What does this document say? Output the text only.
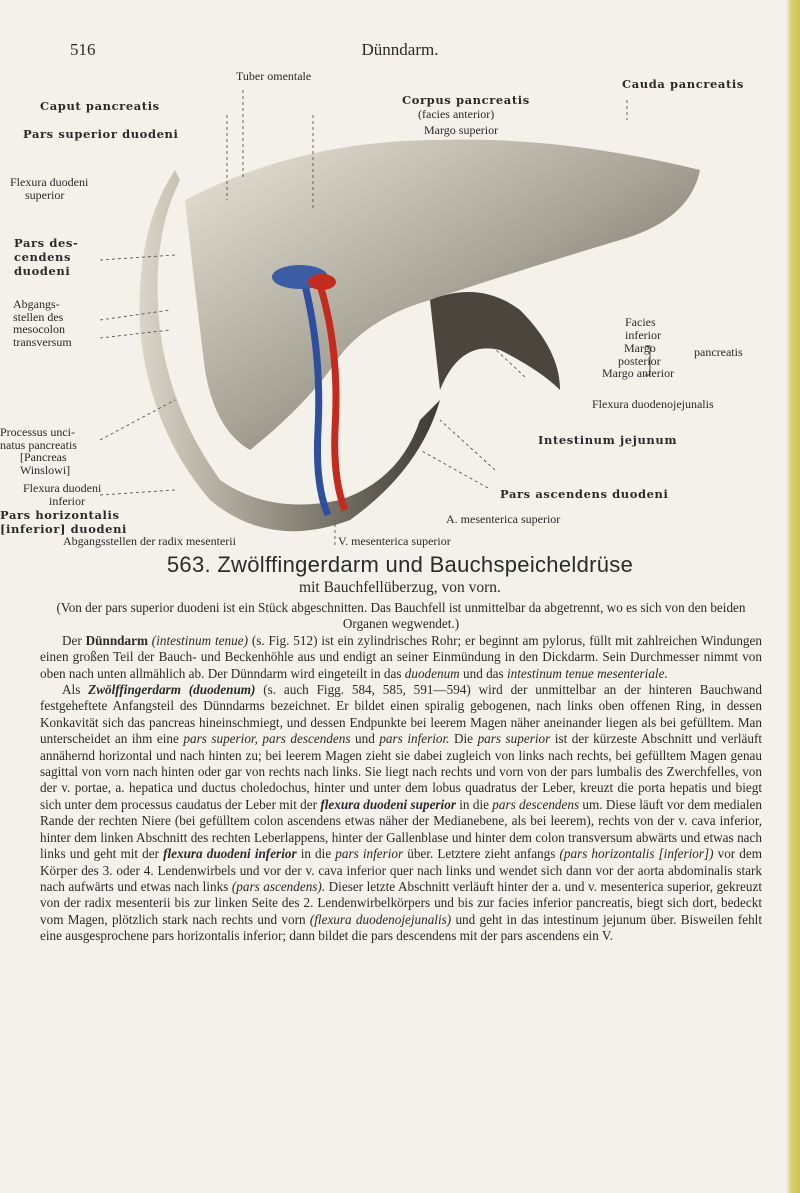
516	Dünndarm.
Tuber omentale
Caput pancreatis
Pars superior duodeni
Corpus pancreatis
(facies anterior)
Margo superior
Cauda pancreatis
Flexura duodeni
superior
Pars des-
cendens
duodeni
Abgangs-
stellen des
mesocolon
transversum
Facies
inferior
Margo
posterior
Margo anterior
pancreatis
Flexura duodenojejunalis
Processus unci-
natus pancreatis
[Pancreas
Winslowi]
Intestinum jejunum
Flexura duodeni
inferior	Pars ascendens duodeni
Pars horizontalis
[inferior] duodeni
A. mesenterica superior
Abgangsstellen der radix mesenterii	V. mesenterica superior
563. Zwölffingerdarm und Bauchspeicheldrüse
mit Bauchfellüberzug, von vorn.

(Von der pars superior duodeni ist ein Stück abgeschnitten. Das Bauchfell ist unmittelbar da abgetrennt, wo es sich von den beiden Organen wegwendet.)

Der Dünndarm (intestinum tenue) (s. Fig. 512) ist ein zylindrisches Rohr; er beginnt am pylorus, füllt mit zahlreichen Windungen einen großen Teil der Bauch- und Beckenhöhle aus und endigt an seiner Einmündung in den Dickdarm. Sein Durchmesser nimmt von oben nach unten allmählich ab. Der Dünndarm wird eingeteilt in das duodenum und das intestinum tenue mesenteriale.

Als Zwölffingerdarm (duodenum) (s. auch Figg. 584, 585, 591—594) wird der unmittelbar an der hinteren Bauchwand festgeheftete Anfangsteil des Dünndarms bezeichnet. Er bildet einen spiralig gebogenen, nach links oben offenen Ring, in dessen Konkavität sich das pancreas hineinschmiegt, und dessen Endpunkte bei leerem Magen näher aneinander liegen als bei gefülltem. Man unterscheidet an ihm eine pars superior, pars descendens und pars inferior. Die pars superior ist der kürzeste Abschnitt und verläuft annähernd horizontal und nach hinten zu; bei leerem Magen zieht sie dabei zugleich von links nach rechts, bei gefülltem Magen genau sagittal von vorn nach hinten oder gar von rechts nach links. Sie liegt nach rechts und vorn von der pars lumbalis des Zwerchfelles, von der v. portae, a. hepatica und ductus choledochus, hinter und unter dem lobus quadratus der Leber, kreuzt die porta hepatis und biegt sich unter dem processus caudatus der Leber mit der flexura duodeni superior in die pars descendens um. Diese läuft vor dem medialen Rande der rechten Niere (bei gefülltem colon ascendens etwas näher der Medianebene, als bei leerem), rechts von der v. cava inferior, hinter dem linken Abschnitt des rechten Leberlappens, hinter der Gallenblase und hinter dem colon transversum abwärts und etwas nach links und geht mit der flexura duodeni inferior in die pars inferior über. Letztere zieht anfangs (pars horizontalis [inferior]) vor dem Körper des 3. oder 4. Lendenwirbels und vor der v. cava inferior quer nach links und wendet sich dann vor der aorta abdominalis stark nach aufwärts und etwas nach links (pars ascendens). Dieser letzte Abschnitt verläuft hinter der a. und v. mesenterica superior, gekreuzt von der radix mesenterii bis zur linken Seite des 2. Lendenwirbelkörpers und bis zur facies inferior pancreatis, biegt sich dort, bedeckt vom Magen, plötzlich stark nach rechts und vorn (flexura duodenojejunalis) und geht in das intestinum jejunum über. Bisweilen fehlt eine ausgesprochene pars horizontalis inferior; dann bildet die pars descendens mit der pars ascendens ein V.
